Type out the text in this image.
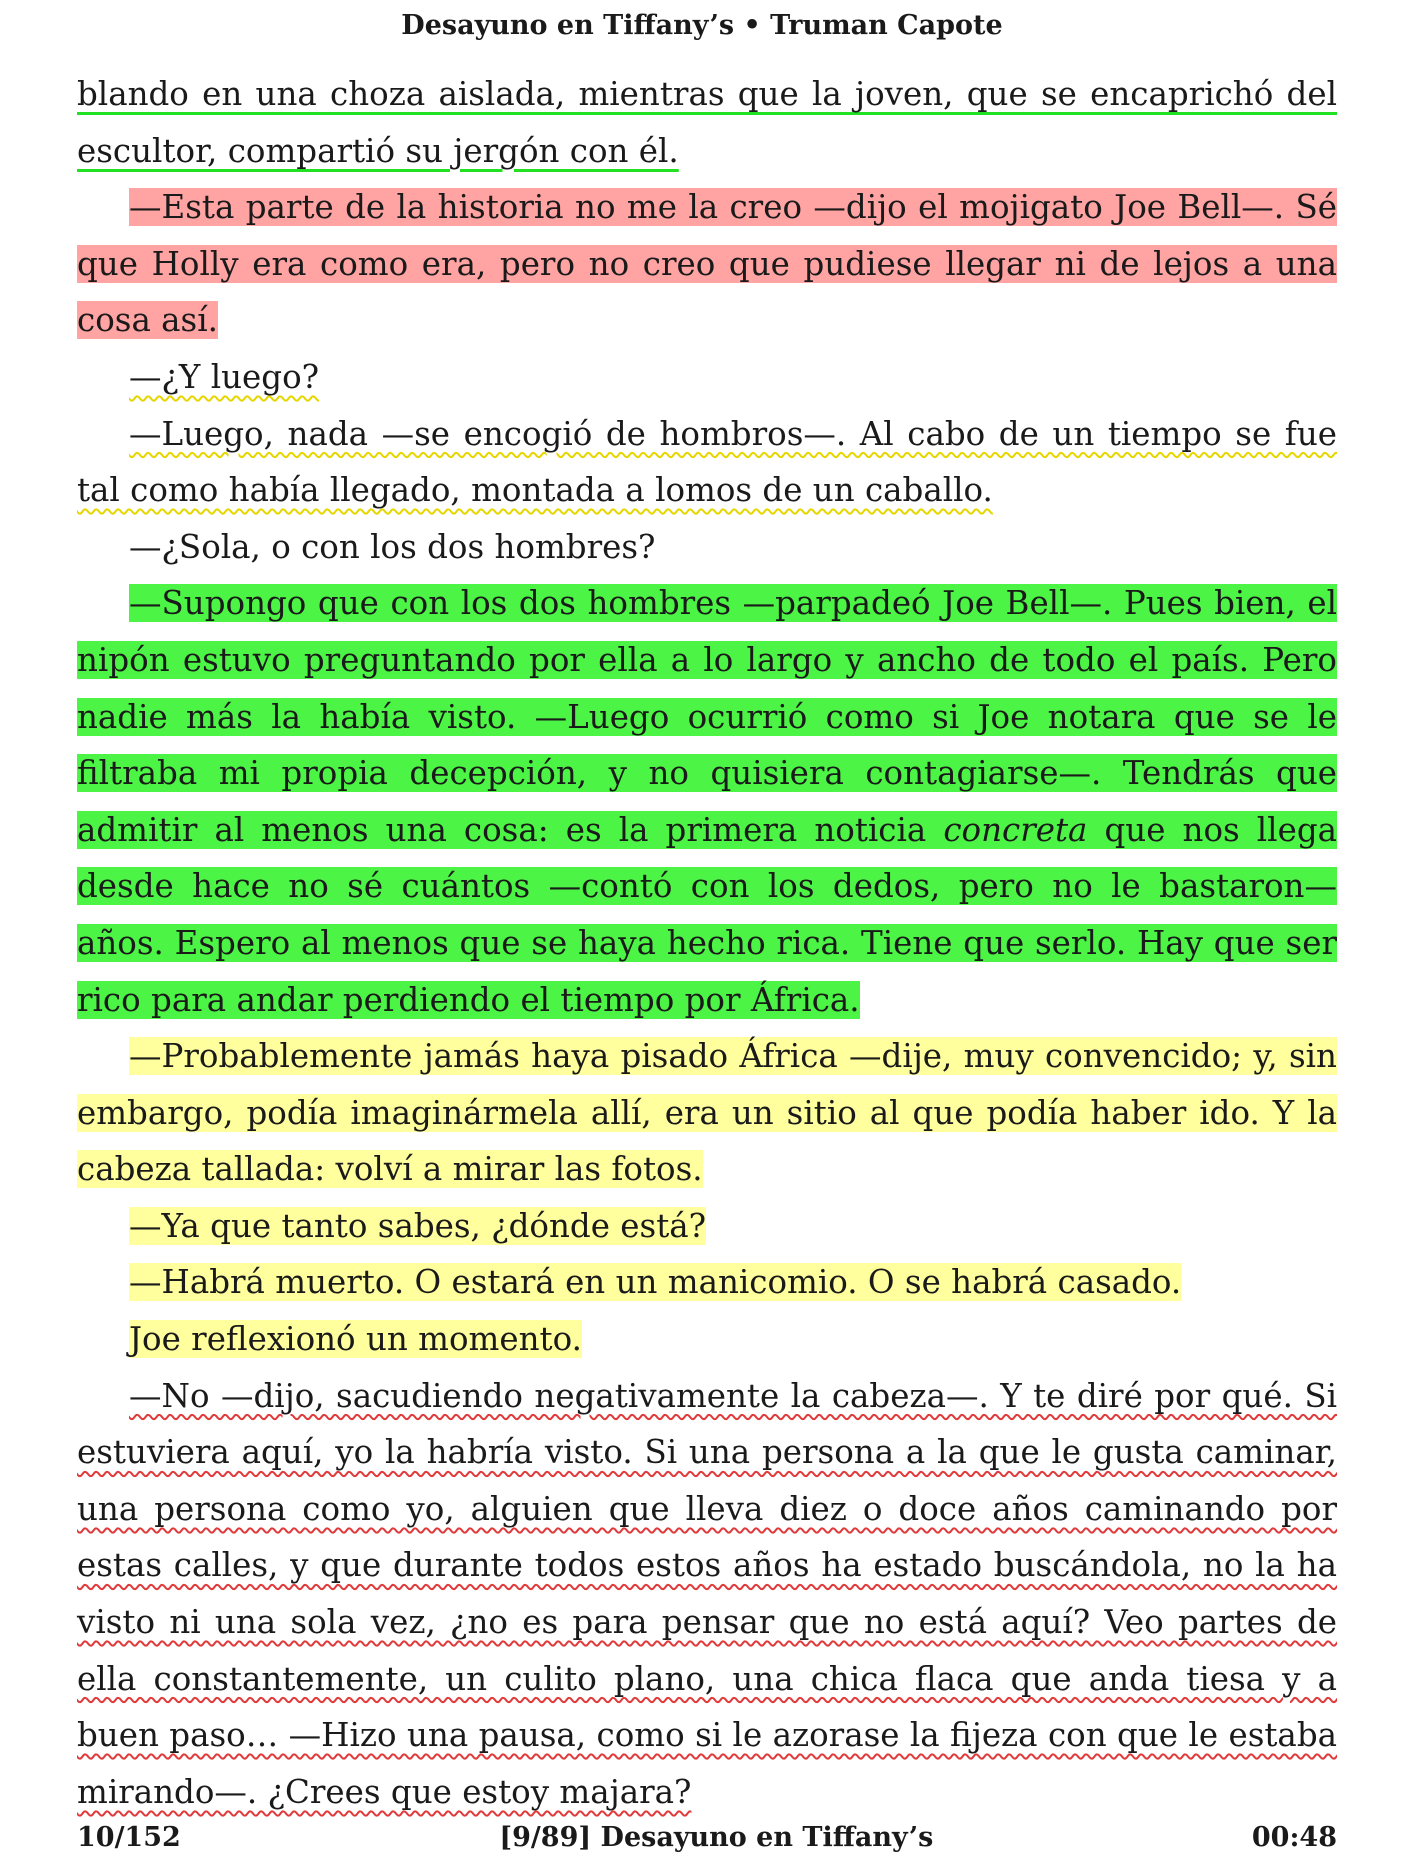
Desayuno en Tiffany’s • Truman Capote

blando en una choza aislada, mientras que la joven, que se encaprichó del escultor, compartió su jergón con él.

—Esta parte de la historia no me la creo —dijo el mojigato Joe Bell—. Sé que Holly era como era, pero no creo que pudiese llegar ni de lejos a una cosa así.

—¿Y luego?

—Luego, nada —se encogió de hombros—. Al cabo de un tiempo se fue tal como había llegado, montada a lomos de un caballo.

—¿Sola, o con los dos hombres?

—Supongo que con los dos hombres —parpadeó Joe Bell—. Pues bien, el nipón estuvo preguntando por ella a lo largo y ancho de todo el país. Pero nadie más la había visto. —Luego ocurrió como si Joe notara que se le filtraba mi propia decepción, y no quisiera contagiarse—. Tendrás que admitir al menos una cosa: es la primera noticia concreta que nos llega desde hace no sé cuántos —contó con los dedos, pero no le bastaron— años. Espero al menos que se haya hecho rica. Tiene que serlo. Hay que ser rico para andar perdiendo el tiempo por África.

—Probablemente jamás haya pisado África —dije, muy convencido; y, sin embargo, podía imaginármela allí, era un sitio al que podía haber ido. Y la cabeza tallada: volví a mirar las fotos.

—Ya que tanto sabes, ¿dónde está?

—Habrá muerto. O estará en un manicomio. O se habrá casado.

Joe reflexionó un momento.

—No —dijo, sacudiendo negativamente la cabeza—. Y te diré por qué. Si estuviera aquí, yo la habría visto. Si una persona a la que le gusta caminar, una persona como yo, alguien que lleva diez o doce años caminando por estas calles, y que durante todos estos años ha estado buscándola, no la ha visto ni una sola vez, ¿no es para pensar que no está aquí? Veo partes de ella constantemente, un culito plano, una chica flaca que anda tiesa y a buen paso… —Hizo una pausa, como si le azorase la fijeza con que le estaba mirando—. ¿Crees que estoy majara?

10/152	[9/89] Desayuno en Tiffany’s	00:48
